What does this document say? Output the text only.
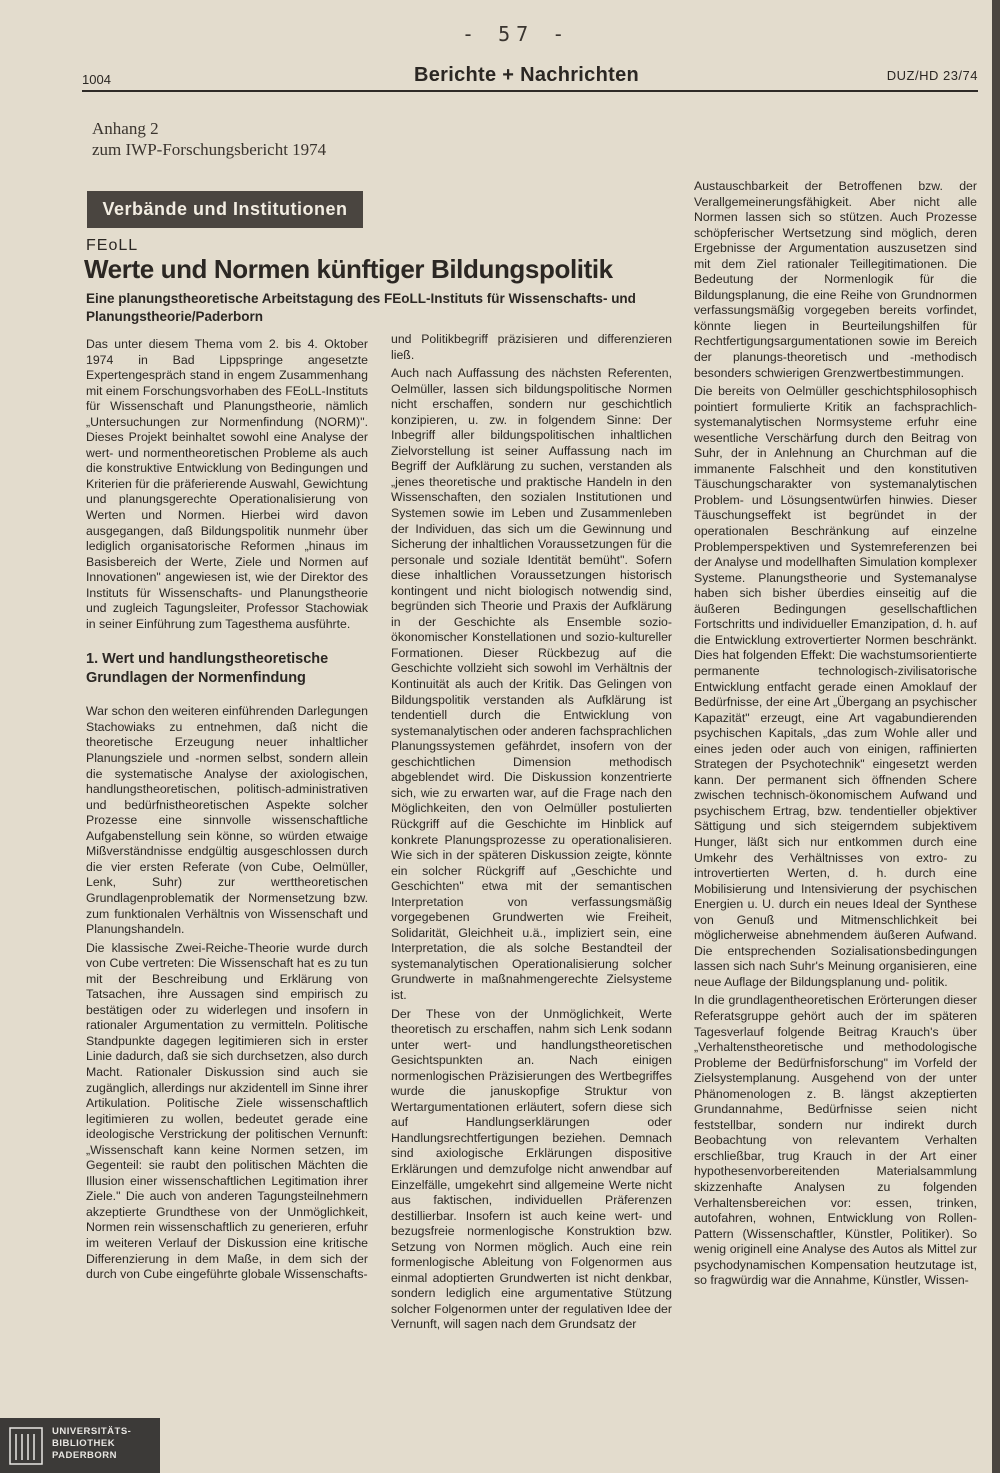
- 57 -
1004	Berichte + Nachrichten	DUZ/HD 23/74
Anhang 2
zum IWP-Forschungsbericht 1974
Verbände und Institutionen
FEoLL
Werte und Normen künftiger Bildungspolitik
Eine planungstheoretische Arbeitstagung des FEoLL-Instituts für Wissenschafts- und Planungstheorie/Paderborn

Das unter diesem Thema vom 2. bis 4. Oktober 1974 in Bad Lippspringe angesetzte Expertengespräch stand in engem Zusammenhang mit einem Forschungsvorhaben des FEoLL-Instituts für Wissenschaft und Planungstheorie, nämlich „Untersuchungen zur Normenfindung (NORM)". Dieses Projekt beinhaltet sowohl eine Analyse der wert- und normentheoretischen Probleme als auch die konstruktive Entwicklung von Bedingungen und Kriterien für die präferierende Auswahl, Gewichtung und planungsgerechte Operationalisierung von Werten und Normen. Hierbei wird davon ausgegangen, daß Bildungspolitik nunmehr über lediglich organisatorische Reformen „hinaus im Basisbereich der Werte, Ziele und Normen auf Innovationen" angewiesen ist, wie der Direktor des Instituts für Wissenschafts- und Planungstheorie und zugleich Tagungsleiter, Professor Stachowiak in seiner Einführung zum Tagesthema ausführte.

1. Wert und handlungstheoretische Grundlagen der Normenfindung

War schon den weiteren einführenden Darlegungen Stachowiaks zu entnehmen, daß nicht die theoretische Erzeugung neuer inhaltlicher Planungsziele und -normen selbst, sondern allein die systematische Analyse der axiologischen, handlungstheoretischen, politisch-administrativen und bedürfnistheoretischen Aspekte solcher Prozesse eine sinnvolle wissenschaftliche Aufgabenstellung sein könne, so würden etwaige Mißverständnisse endgültig ausgeschlossen durch die vier ersten Referate (von Cube, Oelmüller, Lenk, Suhr) zur werttheoretischen Grundlagenproblematik der Normensetzung bzw. zum funktionalen Verhältnis von Wissenschaft und Planungshandeln.

Die klassische Zwei-Reiche-Theorie wurde durch von Cube vertreten: Die Wissenschaft hat es zu tun mit der Beschreibung und Erklärung von Tatsachen, ihre Aussagen sind empirisch zu bestätigen oder zu widerlegen und insofern in rationaler Argumentation zu vermitteln. Politische Standpunkte dagegen legitimieren sich in erster Linie dadurch, daß sie sich durchsetzen, also durch Macht. Rationaler Diskussion sind auch sie zugänglich, allerdings nur akzidentell im Sinne ihrer Artikulation. Politische Ziele wissenschaftlich legitimieren zu wollen, bedeutet gerade eine ideologische Verstrickung der politischen Vernunft: „Wissenschaft kann keine Normen setzen, im Gegenteil: sie raubt den politischen Mächten die Illusion einer wissenschaftlichen Legitimation ihrer Ziele." Die auch von anderen Tagungsteilnehmern akzeptierte Grundthese von der Unmöglichkeit, Normen rein wissenschaftlich zu generieren, erfuhr im weiteren Verlauf der Diskussion eine kritische Differenzierung in dem Maße, in dem sich der durch von Cube eingeführte globale Wissenschafts-

und Politikbegriff präzisieren und differenzieren ließ.

Auch nach Auffassung des nächsten Referenten, Oelmüller, lassen sich bildungspolitische Normen nicht erschaffen, sondern nur geschichtlich konzipieren, u. zw. in folgendem Sinne: Der Inbegriff aller bildungspolitischen inhaltlichen Zielvorstellung ist seiner Auffassung nach im Begriff der Aufklärung zu suchen, verstanden als „jenes theoretische und praktische Handeln in den Wissenschaften, den sozialen Institutionen und Systemen sowie im Leben und Zusammenleben der Individuen, das sich um die Gewinnung und Sicherung der inhaltlichen Voraussetzungen für die personale und soziale Identität bemüht". Sofern diese inhaltlichen Voraussetzungen historisch kontingent und nicht biologisch notwendig sind, begründen sich Theorie und Praxis der Aufklärung in der Geschichte als Ensemble sozio-ökonomischer Konstellationen und sozio-kultureller Formationen. Dieser Rückbezug auf die Geschichte vollzieht sich sowohl im Verhältnis der Kontinuität als auch der Kritik. Das Gelingen von Bildungspolitik verstanden als Aufklärung ist tendentiell durch die Entwicklung von systemanalytischen oder anderen fachsprachlichen Planungssystemen gefährdet, insofern von der geschichtlichen Dimension methodisch abgeblendet wird. Die Diskussion konzentrierte sich, wie zu erwarten war, auf die Frage nach den Möglichkeiten, den von Oelmüller postulierten Rückgriff auf die Geschichte im Hinblick auf konkrete Planungsprozesse zu operationalisieren. Wie sich in der späteren Diskussion zeigte, könnte ein solcher Rückgriff auf „Geschichte und Geschichten" etwa mit der semantischen Interpretation von verfassungsmäßig vorgegebenen Grundwerten wie Freiheit, Solidarität, Gleichheit u.ä., impliziert sein, eine Interpretation, die als solche Bestandteil der systemanalytischen Operationalisierung solcher Grundwerte in maßnahmengerechte Zielsysteme ist.

Der These von der Unmöglichkeit, Werte theoretisch zu erschaffen, nahm sich Lenk sodann unter wert- und handlungstheoretischen Gesichtspunkten an. Nach einigen normenlogischen Präzisierungen des Wertbegriffes wurde die januskopfige Struktur von Wertargumentationen erläutert, sofern diese sich auf Handlungserklärungen oder Handlungsrechtfertigungen beziehen. Demnach sind axiologische Erklärungen dispositive Erklärungen und demzufolge nicht anwendbar auf Einzelfälle, umgekehrt sind allgemeine Werte nicht aus faktischen, individuellen Präferenzen destillierbar. Insofern ist auch keine wert- und bezugsfreie normenlogische Konstruktion bzw. Setzung von Normen möglich. Auch eine rein formenlogische Ableitung von Folgenormen aus einmal adoptierten Grundwerten ist nicht denkbar, sondern lediglich eine argumentative Stützung solcher Folgenormen unter der regulativen Idee der Vernunft, will sagen nach dem Grundsatz der

Austauschbarkeit der Betroffenen bzw. der Verallgemeinerungsfähigkeit. Aber nicht alle Normen lassen sich so stützen. Auch Prozesse schöpferischer Wertsetzung sind möglich, deren Ergebnisse der Argumentation auszusetzen sind mit dem Ziel rationaler Teillegitimationen. Die Bedeutung der Normenlogik für die Bildungsplanung, die eine Reihe von Grundnormen verfassungsmäßig vorgegeben bereits vorfindet, könnte liegen in Beurteilungshilfen für Rechtfertigungsargumentationen sowie im Bereich der planungs-theoretisch und -methodisch besonders schwierigen Grenzwertbestimmungen.

Die bereits von Oelmüller geschichtsphilosophisch pointiert formulierte Kritik an fachsprachlich-systemanalytischen Normsysteme erfuhr eine wesentliche Verschärfung durch den Beitrag von Suhr, der in Anlehnung an Churchman auf die immanente Falschheit und den konstitutiven Täuschungscharakter von systemanalytischen Problem- und Lösungsentwürfen hinwies. Dieser Täuschungseffekt ist begründet in der operationalen Beschränkung auf einzelne Problemperspektiven und Systemreferenzen bei der Analyse und modellhaften Simulation komplexer Systeme. Planungstheorie und Systemanalyse haben sich bisher überdies einseitig auf die äußeren Bedingungen gesellschaftlichen Fortschritts und individueller Emanzipation, d. h. auf die Entwicklung extrovertierter Normen beschränkt. Dies hat folgenden Effekt: Die wachstumsorientierte permanente technologisch-zivilisatorische Entwicklung entfacht gerade einen Amoklauf der Bedürfnisse, der eine Art „Übergang an psychischer Kapazität" erzeugt, eine Art vagabundierenden psychischen Kapitals, „das zum Wohle aller und eines jeden oder auch von einigen, raffinierten Strategen der Psychotechnik" eingesetzt werden kann. Der permanent sich öffnenden Schere zwischen technisch-ökonomischem Aufwand und psychischem Ertrag, bzw. tendentieller objektiver Sättigung und sich steigerndem subjektivem Hunger, läßt sich nur entkommen durch eine Umkehr des Verhältnisses von extro- zu introvertierten Werten, d. h. durch eine Mobilisierung und Intensivierung der psychischen Energien u. U. durch ein neues Ideal der Synthese von Genuß und Mitmenschlichkeit bei möglicherweise abnehmendem äußeren Aufwand. Die entsprechenden Sozialisationsbedingungen lassen sich nach Suhr's Meinung organisieren, eine neue Auflage der Bildungsplanung und- politik.

In die grundlagentheoretischen Erörterungen dieser Referatsgruppe gehört auch der im späteren Tagesverlauf folgende Beitrag Krauch's über „Verhaltenstheoretische und methodologische Probleme der Bedürfnisforschung" im Vorfeld der Zielsystemplanung. Ausgehend von der unter Phänomenologen z. B. längst akzeptierten Grundannahme, Bedürfnisse seien nicht feststellbar, sondern nur indirekt durch Beobachtung von relevantem Verhalten erschließbar, trug Krauch in der Art einer hypothesenvorbereitenden Materialsammlung skizzenhafte Analysen zu folgenden Verhaltensbereichen vor: essen, trinken, autofahren, wohnen, Entwicklung von Rollen-Pattern (Wissenschaftler, Künstler, Politiker). So wenig originell eine Analyse des Autos als Mittel zur psychodynamischen Kompensation heutzutage ist, so fragwürdig war die Annahme, Künstler, Wissen-

UNIVERSITÄTS-
BIBLIOTHEK
PADERBORN
